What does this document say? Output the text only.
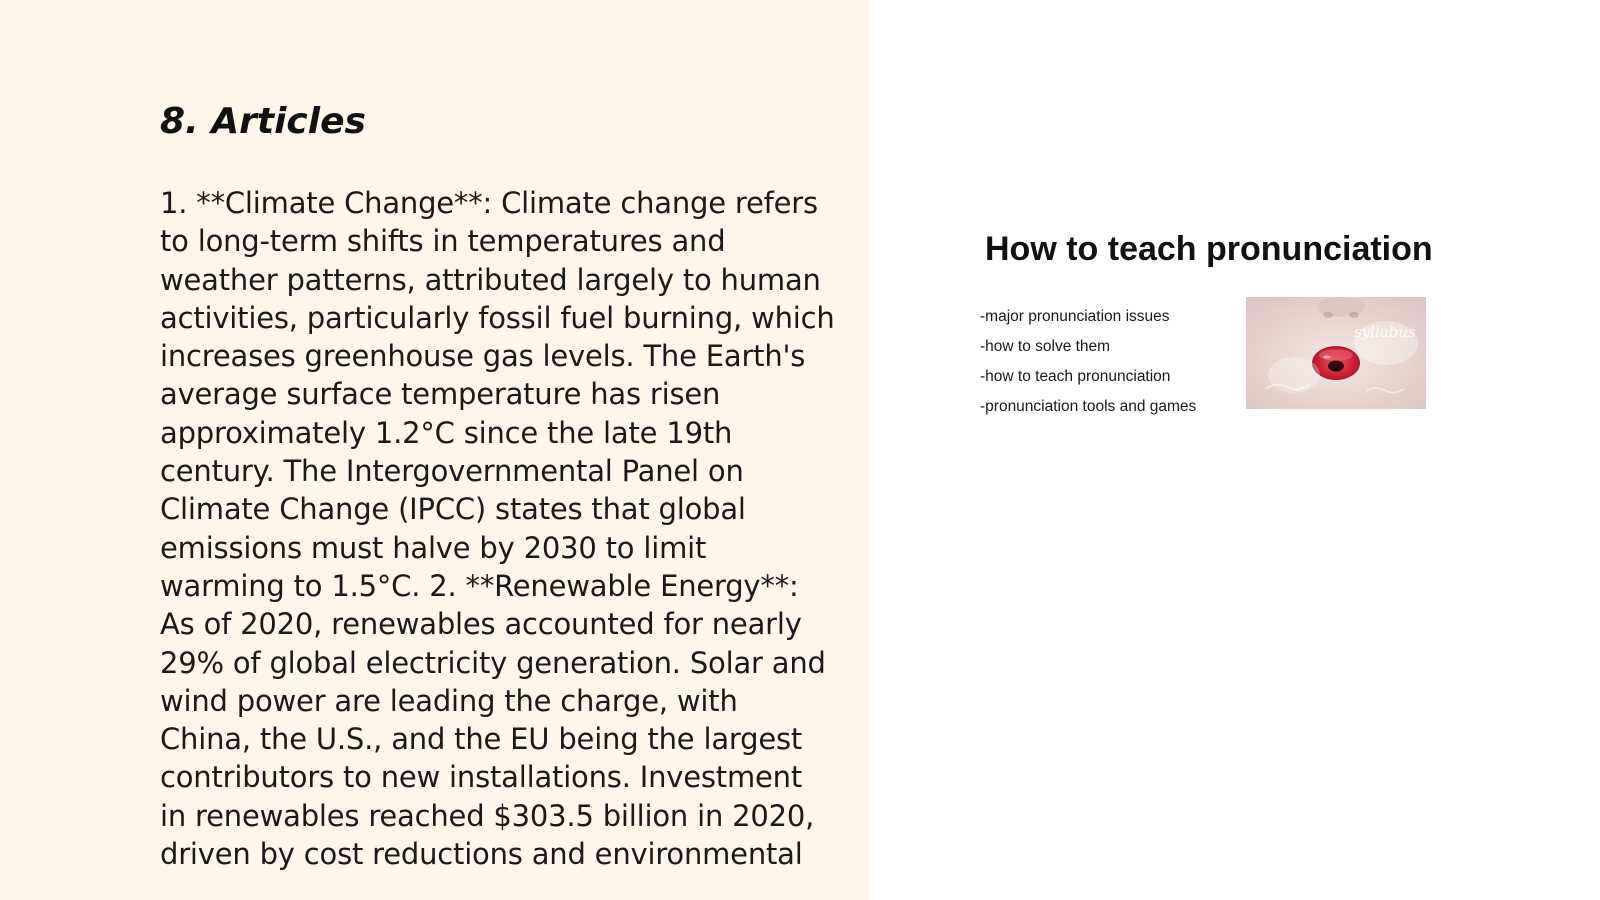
8. Articles

1. **Climate Change**: Climate change refers to long-term shifts in temperatures and weather patterns, attributed largely to human activities, particularly fossil fuel burning, which increases greenhouse gas levels. The Earth's average surface temperature has risen approximately 1.2°C since the late 19th century. The Intergovernmental Panel on Climate Change (IPCC) states that global emissions must halve by 2030 to limit warming to 1.5°C. 2. **Renewable Energy**: As of 2020, renewables accounted for nearly 29% of global electricity generation. Solar and wind power are leading the charge, with China, the U.S., and the EU being the largest contributors to new installations. Investment in renewables reached $303.5 billion in 2020, driven by cost reductions and environmental

How to teach pronunciation
-major pronunciation issues
-how to solve them
-how to teach pronunciation
-pronunciation tools and games
syllabus
